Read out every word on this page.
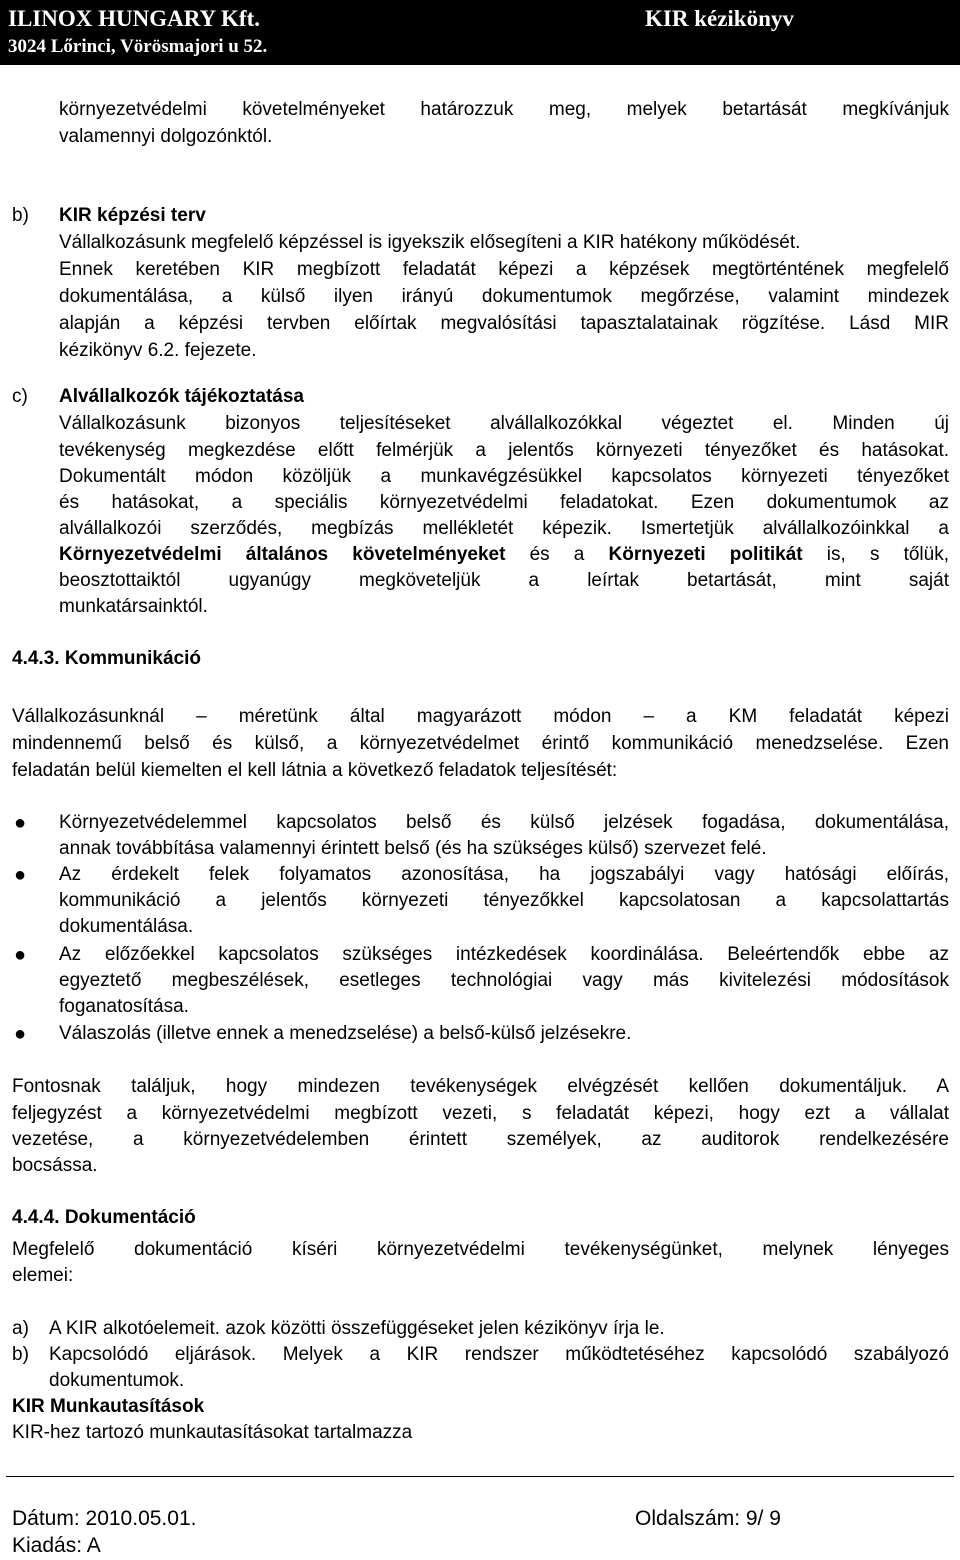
ILINOX HUNGARY Kft.
3024 Lőrinci, Vörösmajori u 52.
KIR kézikönyv
környezetvédelmi követelményeket határozzuk meg, melyek betartását megkívánjuk
valamennyi dolgozónktól.
b) KIR képzési terv
Vállalkozásunk megfelelő képzéssel is igyekszik elősegíteni a KIR hatékony működését.
Ennek keretében KIR megbízott feladatát képezi a képzések megtörténtének megfelelő
dokumentálása, a külső ilyen irányú dokumentumok megőrzése, valamint mindezek
alapján a képzési tervben előírtak megvalósítási tapasztalatainak rögzítése. Lásd MIR
kézikönyv 6.2. fejezete.
c) Alvállalkozók tájékoztatása
Vállalkozásunk bizonyos teljesítéseket alvállalkozókkal végeztet el. Minden új
tevékenység megkezdése előtt felmérjük a jelentős környezeti tényezőket és hatásokat.
Dokumentált módon közöljük a munkavégzésükkel kapcsolatos környezeti tényezőket
és hatásokat, a speciális környezetvédelmi feladatokat. Ezen dokumentumok az
alvállalkozói szerződés, megbízás mellékletét képezik. Ismertetjük alvállalkozóinkkal a
Környezetvédelmi általános követelményeket és a Környezeti politikát is, s tőlük,
beosztottaiktól ugyanúgy megköveteljük a leírtak betartását, mint saját
munkatársainktól.
4.4.3. Kommunikáció
Vállalkozásunknál – méretünk által magyarázott módon – a KM feladatát képezi
mindennemű belső és külső, a környezetvédelmet érintő kommunikáció menedzselése. Ezen
feladatán belül kiemelten el kell látnia a következő feladatok teljesítését:
● Környezetvédelemmel kapcsolatos belső és külső jelzések fogadása, dokumentálása,
annak továbbítása valamennyi érintett belső (és ha szükséges külső) szervezet felé.
● Az érdekelt felek folyamatos azonosítása, ha jogszabályi vagy hatósági előírás,
kommunikáció a jelentős környezeti tényezőkkel kapcsolatosan a kapcsolattartás
dokumentálása.
● Az előzőekkel kapcsolatos szükséges intézkedések koordinálása. Beleértendők ebbe az
egyeztető megbeszélések, esetleges technológiai vagy más kivitelezési módosítások
foganatosítása.
● Válaszolás (illetve ennek a menedzselése) a belső-külső jelzésekre.
Fontosnak találjuk, hogy mindezen tevékenységek elvégzését kellően dokumentáljuk. A
feljegyzést a környezetvédelmi megbízott vezeti, s feladatát képezi, hogy ezt a vállalat
vezetése, a környezetvédelemben érintett személyek, az auditorok rendelkezésére
bocsássa.
4.4.4. Dokumentáció
Megfelelő dokumentáció kíséri környezetvédelmi tevékenységünket, melynek lényeges
elemei:
a) A KIR alkotóelemeit. azok közötti összefüggéseket jelen kézikönyv írja le.
b) Kapcsolódó eljárások. Melyek a KIR rendszer működtetéséhez kapcsolódó szabályozó
dokumentumok.
KIR Munkautasítások
KIR-hez tartozó munkautasításokat tartalmazza
Dátum: 2010.05.01.	Oldalszám: 9/ 9
Kiadás: A
